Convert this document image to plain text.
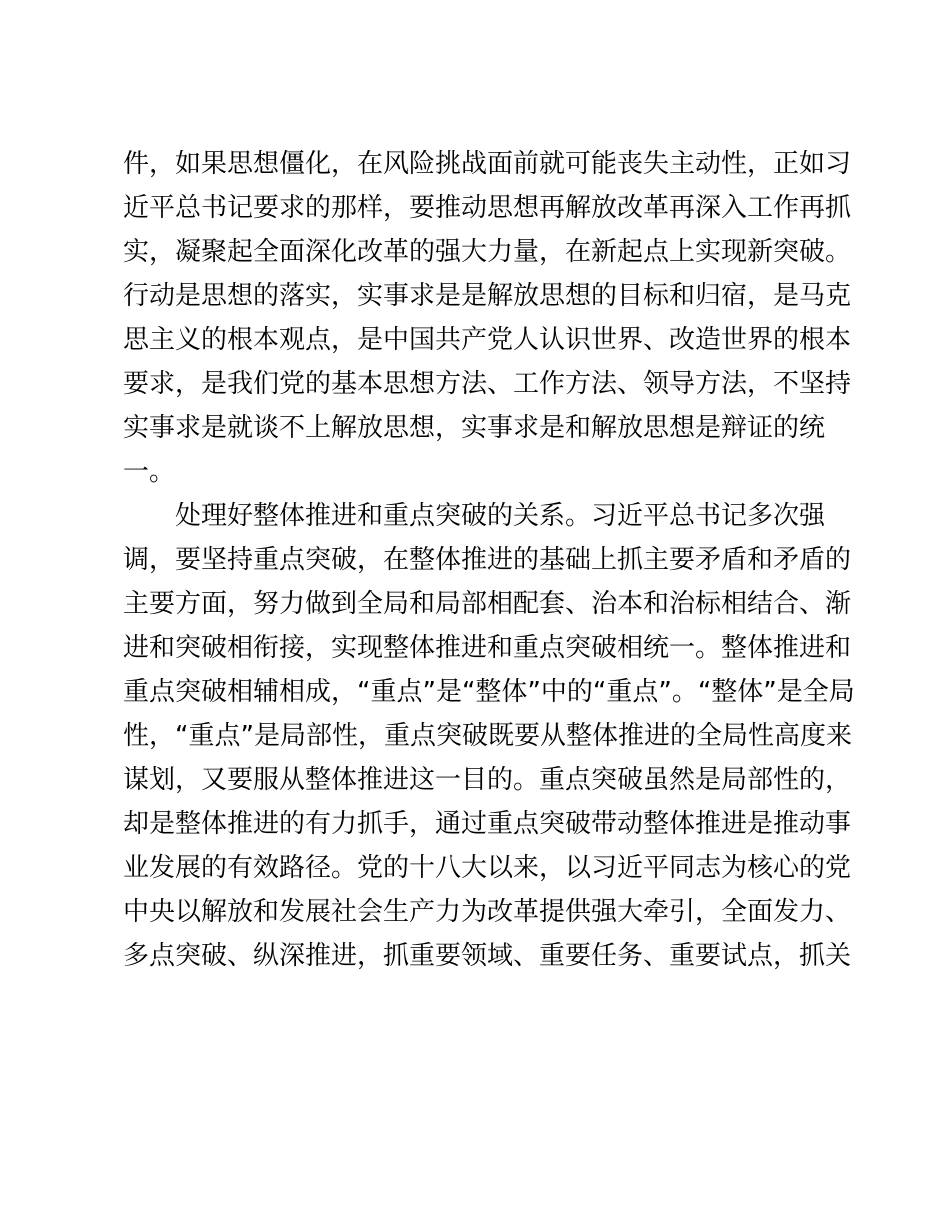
件，如果思想僵化，在风险挑战面前就可能丧失主动性，正如习
近平总书记要求的那样，要推动思想再解放改革再深入工作再抓
实，凝聚起全面深化改革的强大力量，在新起点上实现新突破。
行动是思想的落实，实事求是是解放思想的目标和归宿，是马克
思主义的根本观点，是中国共产党人认识世界、改造世界的根本
要求，是我们党的基本思想方法、工作方法、领导方法，不坚持
实事求是就谈不上解放思想，实事求是和解放思想是辩证的统
一。
处理好整体推进和重点突破的关系。习近平总书记多次强
调，要坚持重点突破，在整体推进的基础上抓主要矛盾和矛盾的
主要方面，努力做到全局和局部相配套、治本和治标相结合、渐
进和突破相衔接，实现整体推进和重点突破相统一。整体推进和
重点突破相辅相成，“重点”是“整体”中的“重点”。“整体”是全局
性，“重点”是局部性，重点突破既要从整体推进的全局性高度来
谋划，又要服从整体推进这一目的。重点突破虽然是局部性的，
却是整体推进的有力抓手，通过重点突破带动整体推进是推动事
业发展的有效路径。党的十八大以来，以习近平同志为核心的党
中央以解放和发展社会生产力为改革提供强大牵引，全面发力、
多点突破、纵深推进，抓重要领域、重要任务、重要试点，抓关
